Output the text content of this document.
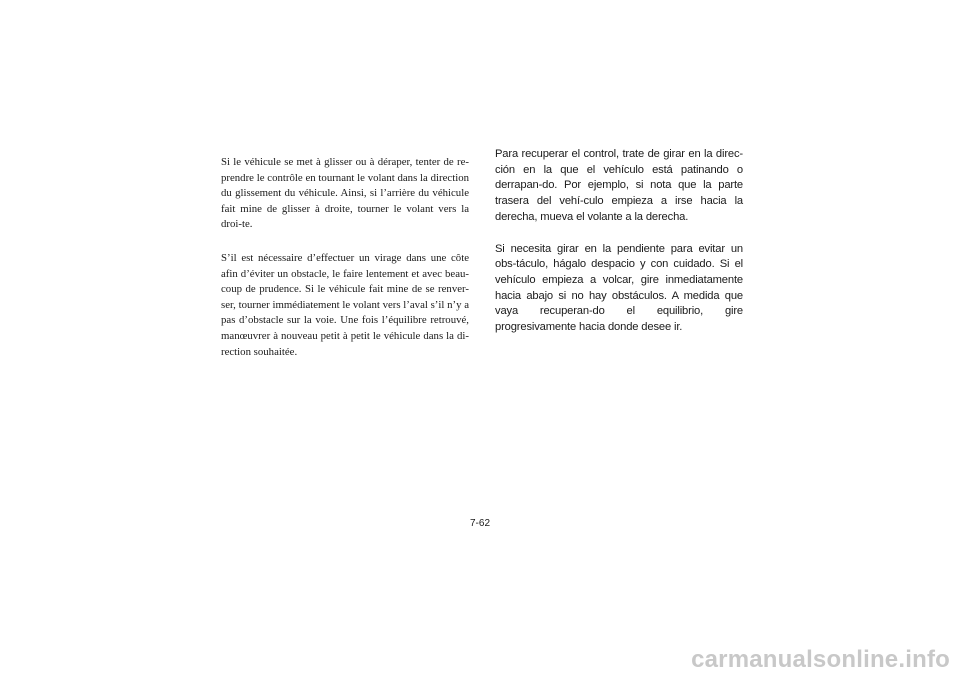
Si le véhicule se met à glisser ou à déraper, tenter de re-prendre le contrôle en tournant le volant dans la direction du glissement du véhicule. Ainsi, si l’arrière du véhicule fait mine de glisser à droite, tourner le volant vers la droi-te.

S’il est nécessaire d’effectuer un virage dans une côte afin d’éviter un obstacle, le faire lentement et avec beau-coup de prudence. Si le véhicule fait mine de se renver-ser, tourner immédiatement le volant vers l’aval s’il n’y a pas d’obstacle sur la voie. Une fois l’équilibre retrouvé, manœuvrer à nouveau petit à petit le véhicule dans la di-rection souhaitée.

Para recuperar el control, trate de girar en la direc-ción en la que el vehículo está patinando o derrapan-do. Por ejemplo, si nota que la parte trasera del vehí-culo empieza a irse hacia la derecha, mueva el volante a la derecha.

Si necesita girar en la pendiente para evitar un obs-táculo, hágalo despacio y con cuidado. Si el vehículo empieza a volcar, gire inmediatamente hacia abajo si no hay obstáculos. A medida que vaya recuperan-do el equilibrio, gire progresivamente hacia donde desee ir.

7-62
carmanualsonline.info
